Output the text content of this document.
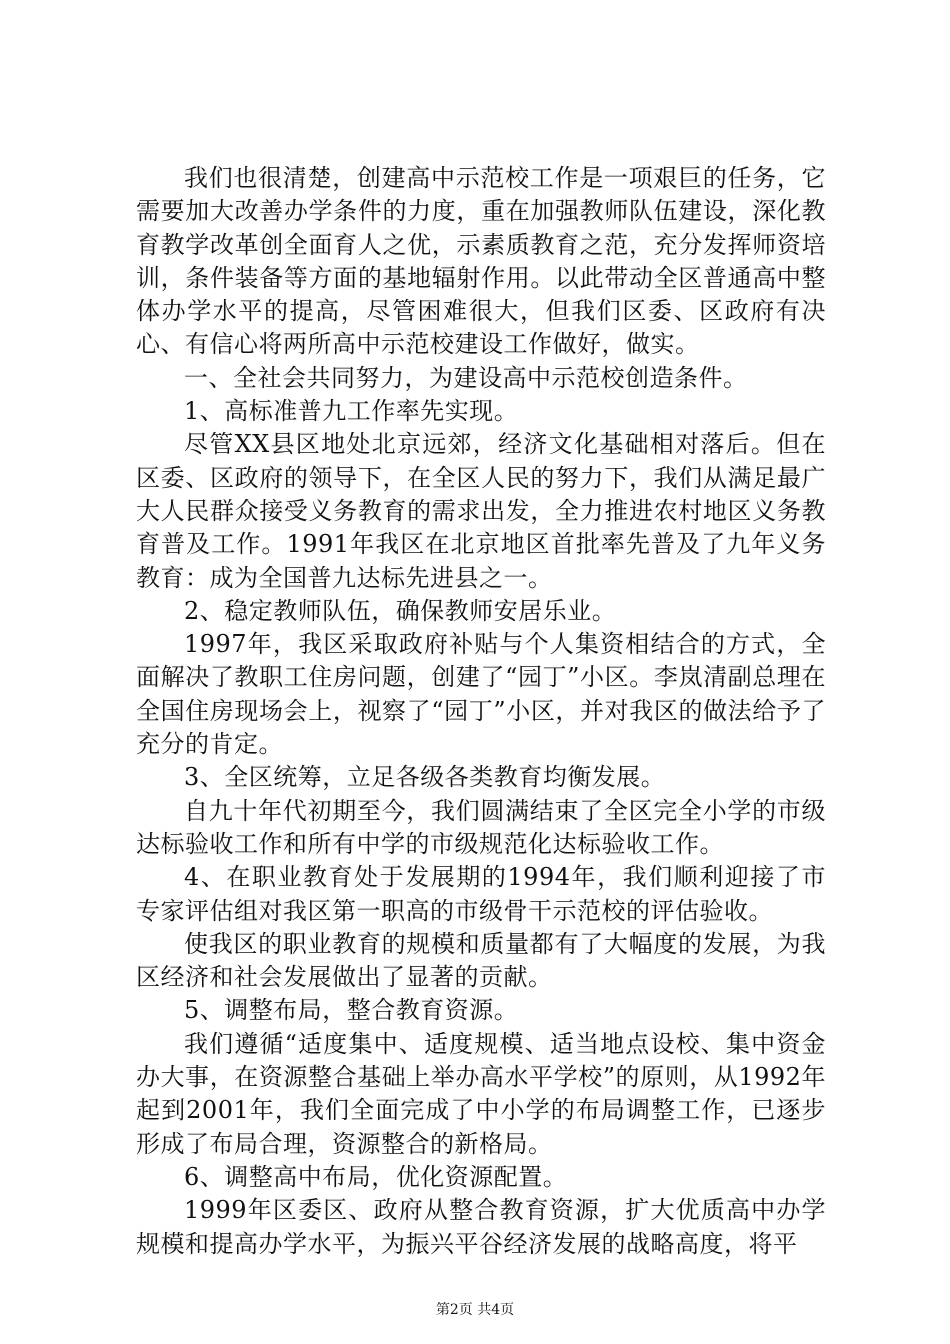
我们也很清楚，创建高中示范校工作是一项艰巨的任务，它需要加大改善办学条件的力度，重在加强教师队伍建设，深化教育教学改革创全面育人之优，示素质教育之范，充分发挥师资培训，条件装备等方面的基地辐射作用。以此带动全区普通高中整体办学水平的提高，尽管困难很大，但我们区委、区政府有决心、有信心将两所高中示范校建设工作做好，做实。

一、全社会共同努力，为建设高中示范校创造条件。

1、高标准普九工作率先实现。

尽管XX县区地处北京远郊，经济文化基础相对落后。但在区委、区政府的领导下，在全区人民的努力下，我们从满足最广大人民群众接受义务教育的需求出发，全力推进农村地区义务教育普及工作。1991年我区在北京地区首批率先普及了九年义务教育：成为全国普九达标先进县之一。

2、稳定教师队伍，确保教师安居乐业。

1997年，我区采取政府补贴与个人集资相结合的方式，全面解决了教职工住房问题，创建了“园丁”小区。李岚清副总理在全国住房现场会上，视察了“园丁”小区，并对我区的做法给予了充分的肯定。

3、全区统筹，立足各级各类教育均衡发展。

自九十年代初期至今，我们圆满结束了全区完全小学的市级达标验收工作和所有中学的市级规范化达标验收工作。

4、在职业教育处于发展期的1994年，我们顺利迎接了市专家评估组对我区第一职高的市级骨干示范校的评估验收。

使我区的职业教育的规模和质量都有了大幅度的发展，为我区经济和社会发展做出了显著的贡献。

5、调整布局，整合教育资源。

我们遵循“适度集中、适度规模、适当地点设校、集中资金办大事，在资源整合基础上举办高水平学校”的原则，从1992年起到2001年，我们全面完成了中小学的布局调整工作，已逐步形成了布局合理，资源整合的新格局。

6、调整高中布局，优化资源配置。

1999年区委区、政府从整合教育资源，扩大优质高中办学规模和提高办学水平，为振兴平谷经济发展的战略高度，将平

第2页 共4页
